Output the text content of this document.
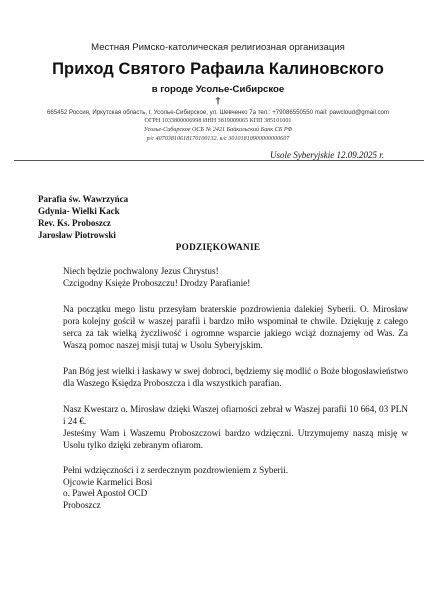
Местная Римско-католическая религиозная организация
Приход Святого Рафаила Калиновского
в городе Усолье-Сибирское
†
665452 Россия, Иркутская область, г. Усолье-Сибирское, ул. Шевченко 7а тел.: +79086550550 mail: pawcloud@gmail.com
ОГРН 1033800006998 ИНН 3819009065 КПП 385101001
Усолье-Сибирское ОСБ № 2421 Байкальский Банк СБ РФ
р/с 40703810618170100132. к/с 30101810900000000607
Usole Syberyjskie 12.09.2025 r.
Parafia św. Wawrzyńca
Gdynia- Wielki Kack
Rev. Ks. Proboszcz
Jarosław Piotrowski
PODZIĘKOWANIE

Niech będzie pochwalony Jezus Chrystus!
Czcigodny Księże Proboszczu! Drodzy Parafianie!

Na początku mego listu przesyłam braterskie pozdrowienia dalekiej Syberii. O. Mirosław pora kolejny gościł w waszej parafii i bardzo miło wspominał te chwile. Dziękuję z całego serca za tak wielką życzliwość i ogromne wsparcie jakiego wciąż doznajemy od Was. Za Waszą pomoc naszej misji tutaj w Usolu Syberyjskim.

Pan Bóg jest wielki i łaskawy w swej dobroci, będziemy się modlić o Boże błogosławieństwo dla Waszego Księdza Proboszcza i dla wszystkich parafian.

Nasz Kwestarz o. Mirosław dzięki Waszej ofiarności zebrał w Waszej parafii 10 664, 03 PLN i 24 €.
Jesteśmy Wam i Waszemu Proboszczowi bardzo wdzięczni. Utrzymujemy naszą misję w Usolu tylko dzięki zebranym ofiarom.

Pełni wdzięczności i z serdecznym pozdrowieniem z Syberii.
Ojcowie Karmelici Bosi
o. Paweł Apostoł OCD
Proboszcz
